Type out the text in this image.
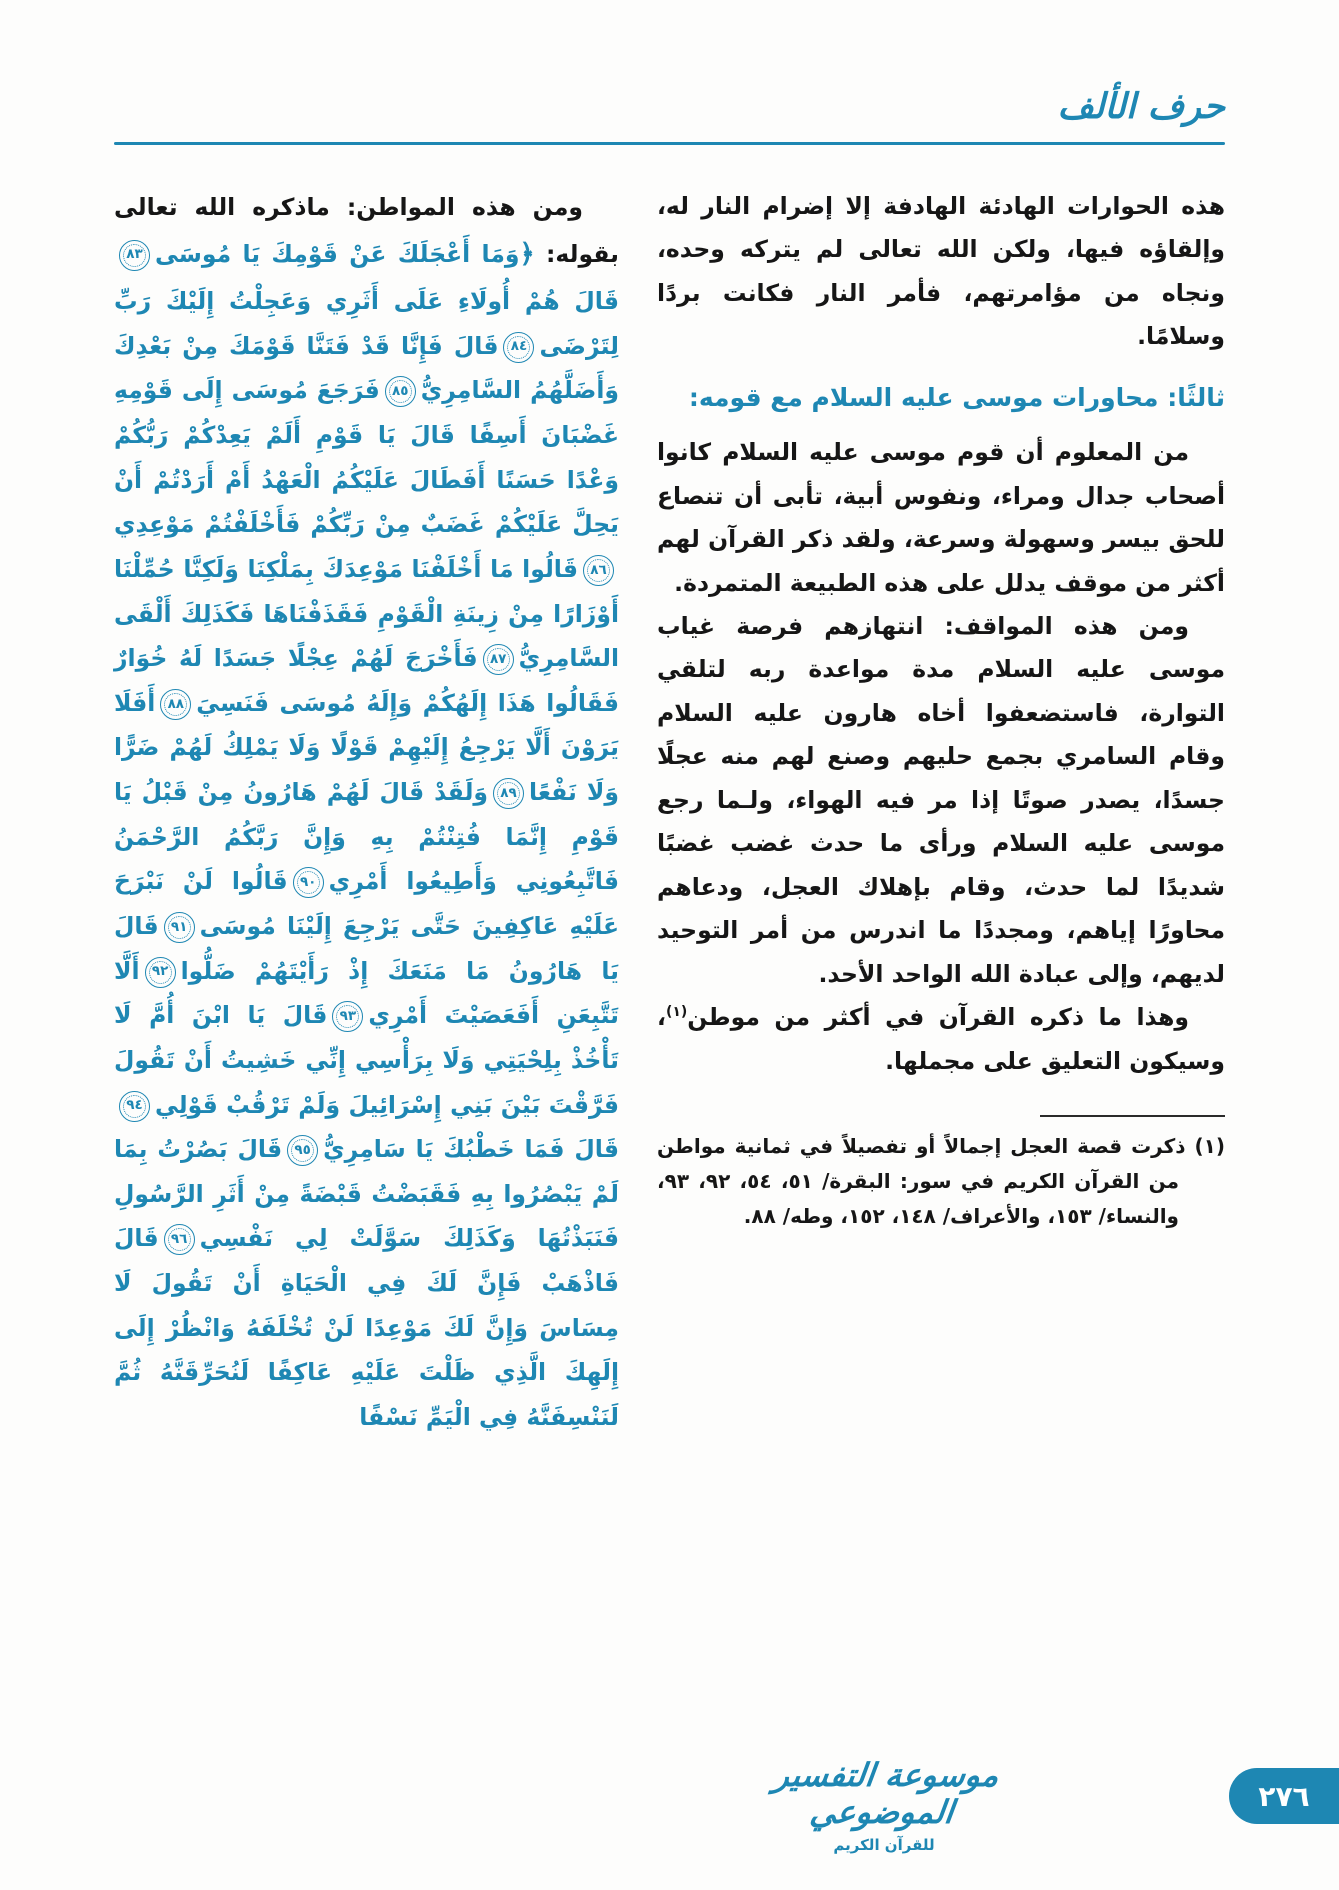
حرف الألف

هذه الحوارات الهادئة الهادفة إلا إضرام النار له، وإلقاؤه فيها، ولكن الله تعالى لم يتركه وحده، ونجاه من مؤامرتهم، فأمر النار فكانت بردًا وسلامًا.

ثالثًا: محاورات موسى عليه السلام مع قومه:

من المعلوم أن قوم موسى عليه السلام كانوا أصحاب جدال ومراء، ونفوس أبية، تأبى أن تنصاع للحق بيسر وسهولة وسرعة، ولقد ذكر القرآن لهم أكثر من موقف يدلل على هذه الطبيعة المتمردة.

ومن هذه المواقف: انتهازهم فرصة غياب موسى عليه السلام مدة مواعدة ربه لتلقي التوارة، فاستضعفوا أخاه هارون عليه السلام وقام السامري بجمع حليهم وصنع لهم منه عجلًا جسدًا، يصدر صوتًا إذا مر فيه الهواء، ولـما رجع موسى عليه السلام ورأى ما حدث غضب غضبًا شديدًا لما حدث، وقام بإهلاك العجل، ودعاهم محاورًا إياهم، ومجددًا ما اندرس من أمر التوحيد لديهم، وإلى عبادة الله الواحد الأحد.

وهذا ما ذكره القرآن في أكثر من موطن$^{(١)}$، وسيكون التعليق على مجملها.

(١) ذكرت قصة العجل إجمالاً أو تفصيلاً في ثمانية مواطن من القرآن الكريم في سور: البقرة/ ٥١، ٥٤، ٩٢، ٩٣، والنساء/ ١٥٣، والأعراف/ ١٤٨، ١٥٢، وطه/ ٨٨.

ومن هذه المواطن: ماذكره الله تعالى بقوله: ﴿وَمَا أَعْجَلَكَ عَنْ قَوْمِكَ يَا مُوسَى٨٣قَالَ هُمْ أُولَاءِ عَلَى أَثَرِي وَعَجِلْتُ إِلَيْكَ رَبِّ لِتَرْضَى٨٤قَالَ فَإِنَّا قَدْ فَتَنَّا قَوْمَكَ مِنْ بَعْدِكَ وَأَضَلَّهُمُ السَّامِرِيُّ٨٥فَرَجَعَ مُوسَى إِلَى قَوْمِهِ غَضْبَانَ أَسِفًا قَالَ يَا قَوْمِ أَلَمْ يَعِدْكُمْ رَبُّكُمْ وَعْدًا حَسَنًا أَفَطَالَ عَلَيْكُمُ الْعَهْدُ أَمْ أَرَدْتُمْ أَنْ يَحِلَّ عَلَيْكُمْ غَضَبٌ مِنْ رَبِّكُمْ فَأَخْلَفْتُمْ مَوْعِدِي٨٦قَالُوا مَا أَخْلَفْنَا مَوْعِدَكَ بِمَلْكِنَا وَلَكِنَّا حُمِّلْنَا أَوْزَارًا مِنْ زِينَةِ الْقَوْمِ فَقَذَفْنَاهَا فَكَذَلِكَ أَلْقَى السَّامِرِيُّ٨٧فَأَخْرَجَ لَهُمْ عِجْلًا جَسَدًا لَهُ خُوَارٌ فَقَالُوا هَذَا إِلَهُكُمْ وَإِلَهُ مُوسَى فَنَسِيَ٨٨أَفَلَا يَرَوْنَ أَلَّا يَرْجِعُ إِلَيْهِمْ قَوْلًا وَلَا يَمْلِكُ لَهُمْ ضَرًّا وَلَا نَفْعًا٨٩وَلَقَدْ قَالَ لَهُمْ هَارُونُ مِنْ قَبْلُ يَا قَوْمِ إِنَّمَا فُتِنْتُمْ بِهِ وَإِنَّ رَبَّكُمُ الرَّحْمَنُ فَاتَّبِعُونِي وَأَطِيعُوا أَمْرِي٩٠قَالُوا لَنْ نَبْرَحَ عَلَيْهِ عَاكِفِينَ حَتَّى يَرْجِعَ إِلَيْنَا مُوسَى٩١قَالَ يَا هَارُونُ مَا مَنَعَكَ إِذْ رَأَيْتَهُمْ ضَلُّوا٩٢أَلَّا تَتَّبِعَنِ أَفَعَصَيْتَ أَمْرِي٩٣قَالَ يَا ابْنَ أُمَّ لَا تَأْخُذْ بِلِحْيَتِي وَلَا بِرَأْسِي إِنِّي خَشِيتُ أَنْ تَقُولَ فَرَّقْتَ بَيْنَ بَنِي إِسْرَائِيلَ وَلَمْ تَرْقُبْ قَوْلِي٩٤قَالَ فَمَا خَطْبُكَ يَا سَامِرِيُّ٩٥قَالَ بَصُرْتُ بِمَا لَمْ يَبْصُرُوا بِهِ فَقَبَضْتُ قَبْضَةً مِنْ أَثَرِ الرَّسُولِ فَنَبَذْتُهَا وَكَذَلِكَ سَوَّلَتْ لِي نَفْسِي٩٦قَالَ فَاذْهَبْ فَإِنَّ لَكَ فِي الْحَيَاةِ أَنْ تَقُولَ لَا مِسَاسَ وَإِنَّ لَكَ مَوْعِدًا لَنْ تُخْلَفَهُ وَانْظُرْ إِلَى إِلَهِكَ الَّذِي ظَلْتَ عَلَيْهِ عَاكِفًا لَنُحَرِّقَنَّهُ ثُمَّ لَنَنْسِفَنَّهُ فِي الْيَمِّ نَسْفًا

موسوعة التفسير الموضوعي
للقرآن الكريم
٢٧٦
